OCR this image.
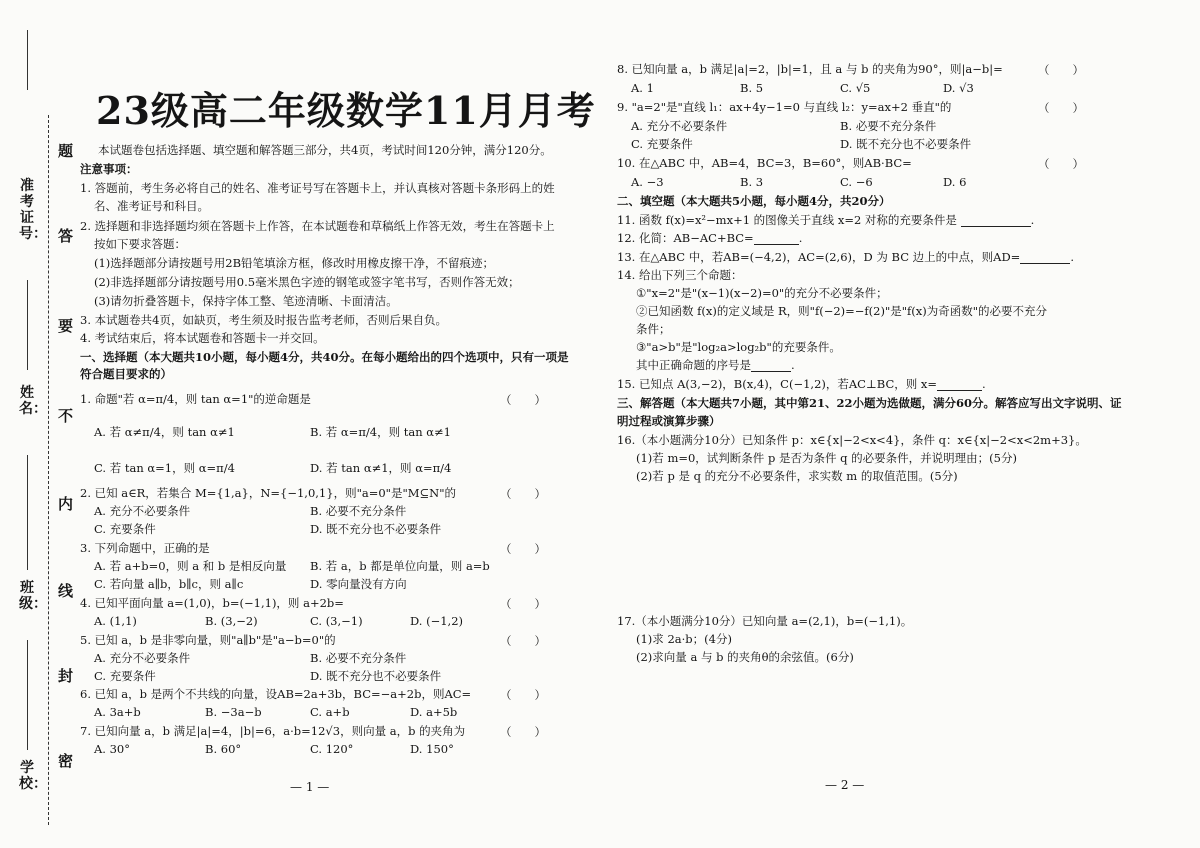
准考证号：
姓名：
班级：
学校：
题
答
要
不
内
线
封
密
23级高二年级数学11月月考
本试题卷包括选择题、填空题和解答题三部分，共4页，考试时间120分钟，满分120分。
注意事项：
1. 答题前，考生务必将自己的姓名、准考证号写在答题卡上，并认真核对答题卡条形码上的姓
名、准考证号和科目。
2. 选择题和非选择题均须在答题卡上作答，在本试题卷和草稿纸上作答无效，考生在答题卡上
按如下要求答题：
(1)选择题部分请按题号用2B铅笔填涂方框，修改时用橡皮擦干净，不留痕迹；
(2)非选择题部分请按题号用0.5毫米黑色字迹的钢笔或签字笔书写，否则作答无效；
(3)请勿折叠答题卡，保持字体工整、笔迹清晰、卡面清洁。
3. 本试题卷共4页，如缺页，考生须及时报告监考老师，否则后果自负。
4. 考试结束后，将本试题卷和答题卡一并交回。
一、选择题（本大题共10小题，每小题4分，共40分。在每小题给出的四个选项中，只有一项是
符合题目要求的）
1. 命题"若 α=π/4，则 tan α=1"的逆命题是	（　　）
A. 若 α≠π/4，则 tan α≠1	B. 若 α=π/4，则 tan α≠1
C. 若 tan α=1，则 α=π/4	D. 若 tan α≠1，则 α=π/4
2. 已知 a∈R，若集合 M={1,a}，N={−1,0,1}，则"a=0"是"M⊆N"的	（　　）
A. 充分不必要条件	B. 必要不充分条件
C. 充要条件	D. 既不充分也不必要条件
3. 下列命题中，正确的是	（　　）
A. 若 a+b=0，则 a 和 b 是相反向量 B. 若 a，b 都是单位向量，则 a=b
C. 若向量 a∥b，b∥c，则 a∥c	D. 零向量没有方向
4. 已知平面向量 a=(1,0)，b=(−1,1)，则 a+2b=	（　　）
A. (1,1)	B. (3,−2)	C. (3,−1)	D. (−1,2)
5. 已知 a，b 是非零向量，则"a∥b"是"a−b=0"的	（　　）
A. 充分不必要条件	B. 必要不充分条件
C. 充要条件	D. 既不充分也不必要条件
6. 已知 a，b 是两个不共线的向量，设AB=2a+3b，BC=−a+2b，则AC=	（　　）
A. 3a+b	B. −3a−b	C. a+b	D. a+5b
7. 已知向量 a，b 满足|a|=4，|b|=6，a·b=12√3，则向量 a，b 的夹角为	（　　）
A. 30°	B. 60°	C. 120°	D. 150°
— 1 —
8. 已知向量 a，b 满足|a|=2，|b|=1，且 a 与 b 的夹角为90°，则|a−b|=	（　　）
A. 1	B. 5	C. √5	D. √3
9. "a=2"是"直线 l₁：ax+4y−1=0 与直线 l₂：y=ax+2 垂直"的	（　　）
A. 充分不必要条件	B. 必要不充分条件
C. 充要条件	D. 既不充分也不必要条件
10. 在△ABC 中，AB=4，BC=3，B=60°，则AB·BC=	（　　）
A. −3	B. 3	C. −6	D. 6
二、填空题（本大题共5小题，每小题4分，共20分）
11. 函数 f(x)=x²−mx+1 的图像关于直线 x=2 对称的充要条件是	.
12. 化简：AB−AC+BC=	.
13. 在△ABC 中，若AB=(−4,2)，AC=(2,6)，D 为 BC 边上的中点，则AD=	.
14. 给出下列三个命题：
①"x=2"是"(x−1)(x−2)=0"的充分不必要条件；
②已知函数 f(x)的定义域是 R，则"f(−2)=−f(2)"是"f(x)为奇函数"的必要不充分
条件；
③"a>b"是"log₂a>log₂b"的充要条件。
其中正确命题的序号是	.
15. 已知点 A(3,−2)，B(x,4)，C(−1,2)，若AC⊥BC，则 x=	.
三、解答题（本大题共7小题，其中第21、22小题为选做题，满分60分。解答应写出文字说明、证
明过程或演算步骤）
16.（本小题满分10分）已知条件 p：x∈{x|−2<x<4}，条件 q：x∈{x|−2<x<2m+3}。
(1)若 m=0，试判断条件 p 是否为条件 q 的必要条件，并说明理由；(5分)
(2)若 p 是 q 的充分不必要条件，求实数 m 的取值范围。(5分)
17.（本小题满分10分）已知向量 a=(2,1)，b=(−1,1)。
(1)求 2a·b；(4分)
(2)求向量 a 与 b 的夹角θ的余弦值。(6分)
— 2 —
